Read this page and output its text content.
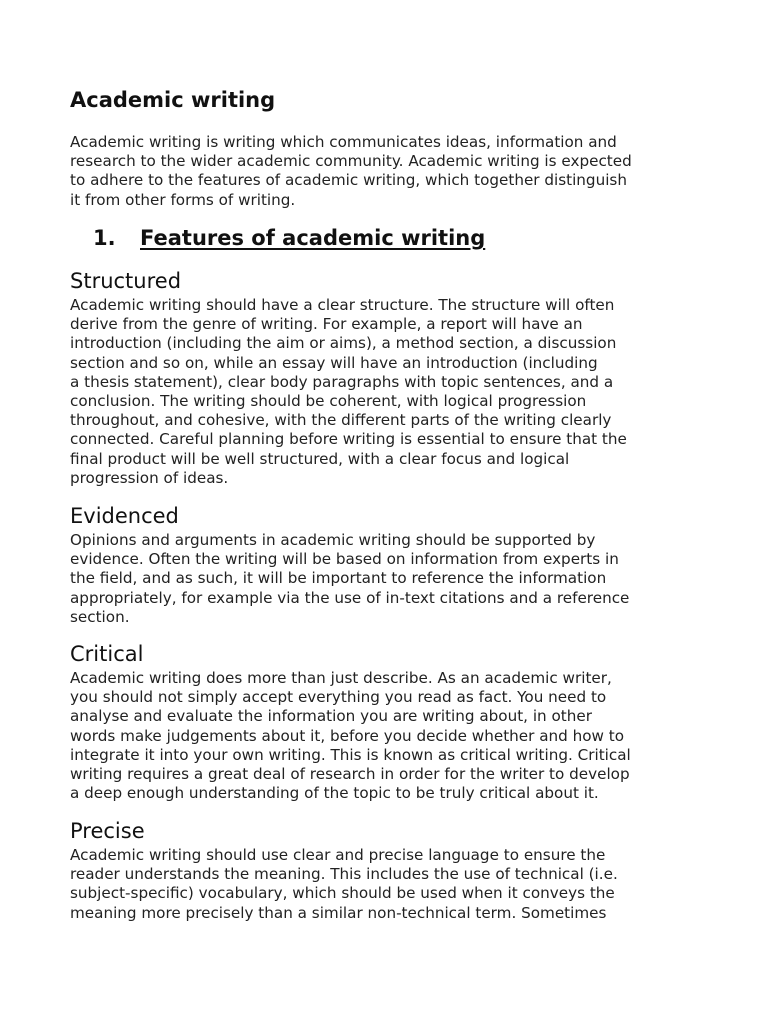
Academic writing

Academic writing is writing which communicates ideas, information and
research to the wider academic community. Academic writing is expected
to adhere to the features of academic writing, which together distinguish
it from other forms of writing.

1. Features of academic writing
Structured

Academic writing should have a clear structure. The structure will often
derive from the genre of writing. For example, a report will have an
introduction (including the aim or aims), a method section, a discussion
section and so on, while an essay will have an introduction (including
a thesis statement), clear body paragraphs with topic sentences, and a
conclusion. The writing should be coherent, with logical progression
throughout, and cohesive, with the different parts of the writing clearly
connected. Careful planning before writing is essential to ensure that the
final product will be well structured, with a clear focus and logical
progression of ideas.

Evidenced

Opinions and arguments in academic writing should be supported by
evidence. Often the writing will be based on information from experts in
the field, and as such, it will be important to reference the information
appropriately, for example via the use of in-text citations and a reference
section.

Critical

Academic writing does more than just describe. As an academic writer,
you should not simply accept everything you read as fact. You need to
analyse and evaluate the information you are writing about, in other
words make judgements about it, before you decide whether and how to
integrate it into your own writing. This is known as critical writing. Critical
writing requires a great deal of research in order for the writer to develop
a deep enough understanding of the topic to be truly critical about it.

Precise

Academic writing should use clear and precise language to ensure the
reader understands the meaning. This includes the use of technical (i.e.
subject-specific) vocabulary, which should be used when it conveys the
meaning more precisely than a similar non-technical term. Sometimes
